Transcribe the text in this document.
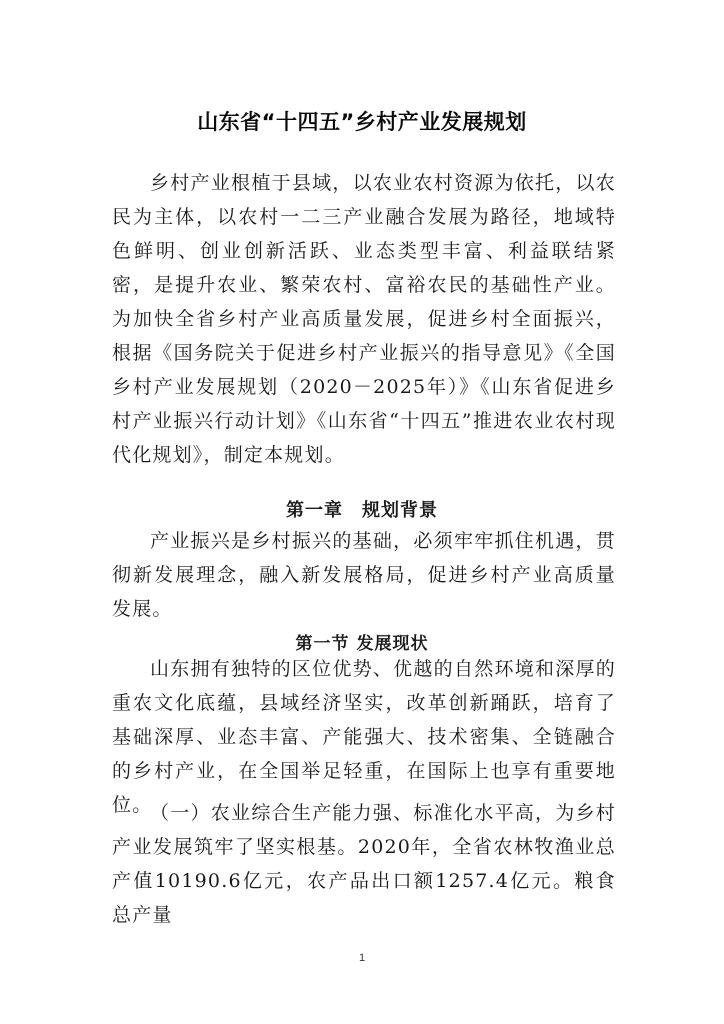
山东省“十四五”乡村产业发展规划

乡村产业根植于县域，以农业农村资源为依托，以农民为主体，以农村一二三产业融合发展为路径，地域特色鲜明、创业创新活跃、业态类型丰富、利益联结紧密，是提升农业、繁荣农村、富裕农民的基础性产业。为加快全省乡村产业高质量发展，促进乡村全面振兴，根据《国务院关于促进乡村产业振兴的指导意见》《全国乡村产业发展规划（2020－2025年）》《山东省促进乡村产业振兴行动计划》《山东省“十四五”推进农业农村现代化规划》，制定本规划。

第一章　规划背景

产业振兴是乡村振兴的基础，必须牢牢抓住机遇，贯彻新发展理念，融入新发展格局，促进乡村产业高质量发展。

第一节 发展现状

山东拥有独特的区位优势、优越的自然环境和深厚的重农文化底蕴，县域经济坚实，改革创新踊跃，培育了基础深厚、业态丰富、产能强大、技术密集、全链融合的乡村产业，在全国举足轻重，在国际上也享有重要地位。

（一）农业综合生产能力强、标准化水平高，为乡村产业发展筑牢了坚实根基。2020年，全省农林牧渔业总产值10190.6亿元，农产品出口额1257.4亿元。粮食总产量

1
